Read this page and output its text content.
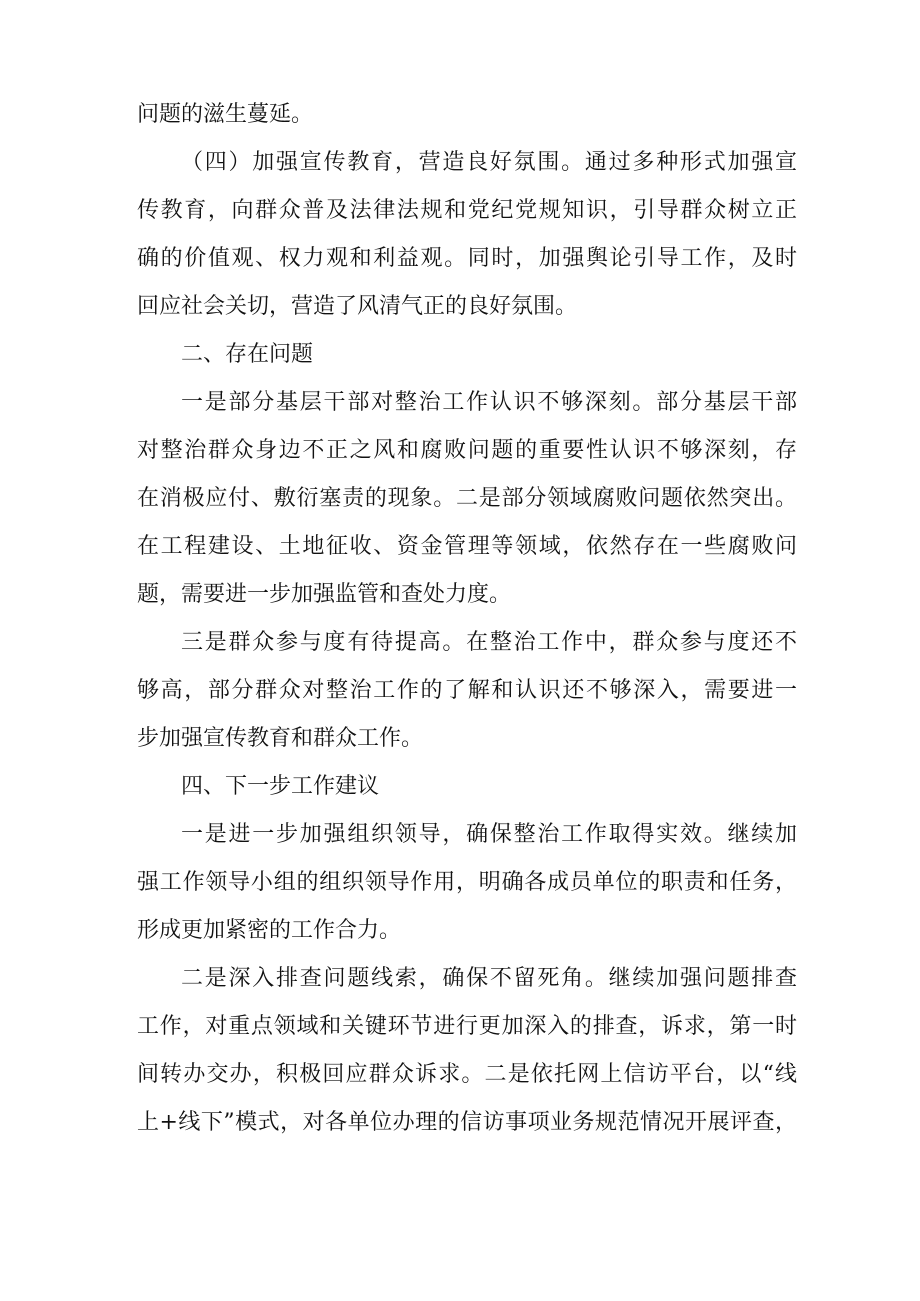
问题的滋生蔓延。
（四）加强宣传教育，营造良好氛围。通过多种形式加强宣
传教育，向群众普及法律法规和党纪党规知识，引导群众树立正
确的价值观、权力观和利益观。同时，加强舆论引导工作，及时
回应社会关切，营造了风清气正的良好氛围。
二、存在问题
一是部分基层干部对整治工作认识不够深刻。部分基层干部
对整治群众身边不正之风和腐败问题的重要性认识不够深刻，存
在消极应付、敷衍塞责的现象。二是部分领域腐败问题依然突出。
在工程建设、土地征收、资金管理等领域，依然存在一些腐败问
题，需要进一步加强监管和查处力度。
三是群众参与度有待提高。在整治工作中，群众参与度还不
够高，部分群众对整治工作的了解和认识还不够深入，需要进一
步加强宣传教育和群众工作。
四、下一步工作建议
一是进一步加强组织领导，确保整治工作取得实效。继续加
强工作领导小组的组织领导作用，明确各成员单位的职责和任务，
形成更加紧密的工作合力。
二是深入排查问题线索，确保不留死角。继续加强问题排查
工作，对重点领域和关键环节进行更加深入的排查，诉求，第一时
间转办交办，积极回应群众诉求。二是依托网上信访平台，以“线
上+线下”模式，对各单位办理的信访事项业务规范情况开展评查，
